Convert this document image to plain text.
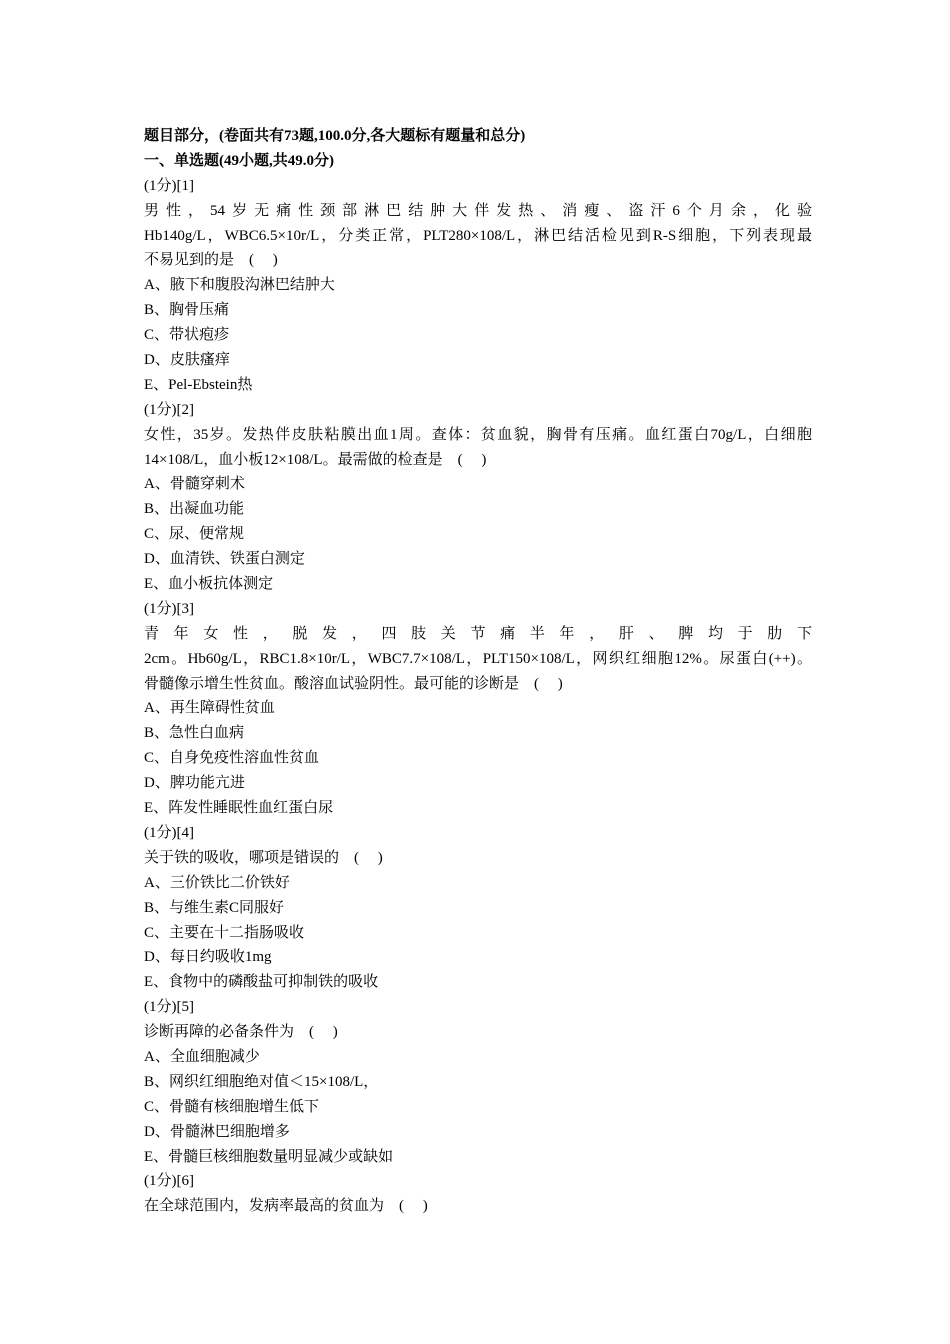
题目部分，(卷面共有73题,100.0分,各大题标有题量和总分)
一、单选题(49小题,共49.0分)
(1分)[1]
男性，54岁无痛性颈部淋巴结肿大伴发热、消瘦、盗汗6个月余，化验
Hb140g/L，WBC6.5×10r/L，分类正常，PLT280×108/L，淋巴结活检见到R-S细胞，下列表现最
不易见到的是　( 　)
A、腋下和腹股沟淋巴结肿大
B、胸骨压痛
C、带状疱疹
D、皮肤瘙痒
E、Pel-Ebstein热
(1分)[2]
女性，35岁。发热伴皮肤粘膜出血1周。查体：贫血貌，胸骨有压痛。血红蛋白70g/L，白细胞
14×108/L，血小板12×108/L。最需做的检查是　( 　)
A、骨髓穿刺术
B、出凝血功能
C、尿、便常规
D、血清铁、铁蛋白测定
E、血小板抗体测定
(1分)[3]
青年女性，脱发，四肢关节痛半年，肝、脾均于肋下
2cm。Hb60g/L，RBC1.8×10r/L，WBC7.7×108/L，PLT150×108/L，网织红细胞12%。尿蛋白(++)。
骨髓像示增生性贫血。酸溶血试验阴性。最可能的诊断是　( 　)
A、再生障碍性贫血
B、急性白血病
C、自身免疫性溶血性贫血
D、脾功能亢进
E、阵发性睡眠性血红蛋白尿
(1分)[4]
关于铁的吸收，哪项是错误的　( 　)
A、三价铁比二价铁好
B、与维生素C同服好
C、主要在十二指肠吸收
D、每日约吸收1mg
E、食物中的磷酸盐可抑制铁的吸收
(1分)[5]
诊断再障的必备条件为　( 　)
A、全血细胞减少
B、网织红细胞绝对值＜15×108/L，
C、骨髓有核细胞增生低下
D、骨髓淋巴细胞增多
E、骨髓巨核细胞数量明显减少或缺如
(1分)[6]
在全球范围内，发病率最高的贫血为　( 　)
